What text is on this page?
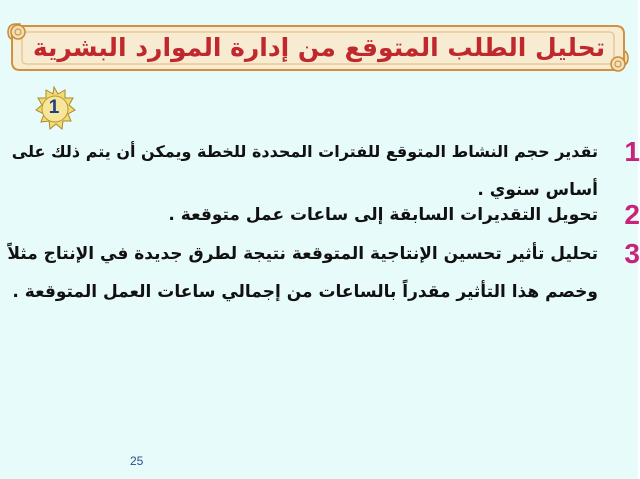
تحليل الطلب المتوقع من إدارة الموارد البشرية
1
تقدير حجم النشاط المتوقع للفترات المحددة للخطة ويمكن أن يتم ذلك على
أساس سنوي .
1
تحويل التقديرات السابقة إلى ساعات عمل متوقعة . 2
تحليل تأثير تحسين الإنتاجية المتوقعة نتيجة لطرق جديدة في الإنتاج مثلاً
وخصم هذا التأثير مقدراً بالساعات من إجمالي ساعات العمل المتوقعة .
3
25
